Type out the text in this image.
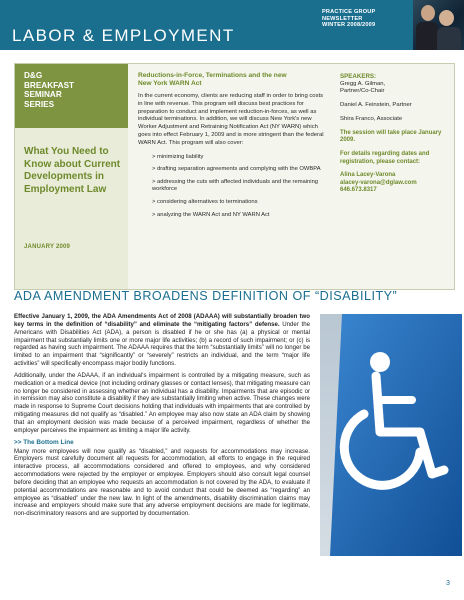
LABOR & EMPLOYMENT
PRACTICE GROUP
NEWSLETTER
WINTER 2008/2009
D&G
BREAKFAST
SEMINAR
SERIES
What You Need to Know about Current Developments in Employment Law
JANUARY 2009
Reductions-in-Force, Terminations and the new
New York WARN Act
In the current economy, clients are reducing staff in order to bring costs in line with revenue. This program will discuss best practices for preparation to conduct and implement reduction-in-forces, as well as individual terminations. In addition, we will discuss New York's new Worker Adjustment and Retraining Notification Act (NY WARN) which goes into effect February 1, 2009 and is more stringent than the federal WARN Act. This program will also cover:
> minimizing liability
> drafting separation agreements and complying with the OWBPA
> addressing the cuts with affected individuals and the remaining workforce
> considering alternatives to terminations
> analyzing the WARN Act and NY WARN Act
SPEAKERS:
Gregg A. Gilman,
Partner/Co-Chair
Daniel A. Feinstein, Partner
Shira Franco, Associate
The session will take place January 2009.
For details regarding dates and registration, please contact:
Alina Lacey-Varona
alacey-varona@dglaw.com
646.673.8317
ADA AMENDMENT BROADENS DEFINITION OF “DISABILITY”

Effective January 1, 2009, the ADA Amendments Act of 2008 (ADAAA) will substantially broaden two key terms in the definition of “disability” and eliminate the “mitigating factors” defense. Under the Americans with Disabilities Act (ADA), a person is disabled if he or she has (a) a physical or mental impairment that substantially limits one or more major life activities; (b) a record of such impairment; or (c) is regarded as having such impairment. The ADAAA requires that the term “substantially limits” will no longer be limited to an impairment that “significantly” or “severely” restricts an individual, and the term “major life activities” will specifically encompass major bodily functions.

Additionally, under the ADAAA, if an individual's impairment is controlled by a mitigating measure, such as medication or a medical device (not including ordinary glasses or contact lenses), that mitigating measure can no longer be considered in assessing whether an individual has a disability. Impairments that are episodic or in remission may also constitute a disability if they are substantially limiting when active. These changes were made in response to Supreme Court decisions holding that individuals with impairments that are controlled by mitigating measures did not qualify as “disabled.” An employee may also now state an ADA claim by showing that an employment decision was made because of a perceived impairment, regardless of whether the employer perceives the impairment as limiting a major life activity.

>> The Bottom Line

Many more employees will now qualify as “disabled,” and requests for accommodations may increase. Employers must carefully document all requests for accommodation, all efforts to engage in the required interactive process, all accommodations considered and offered to employees, and why considered accommodations were rejected by the employer or employee. Employers should also consult legal counsel before deciding that an employee who requests an accommodation is not covered by the ADA, to evaluate if potential accommodations are reasonable and to avoid conduct that could be deemed as “regarding” an employee as “disabled” under the new law. In light of the amendments, disability discrimination claims may increase and employers should make sure that any adverse employment decisions are made for legitimate, non-discriminatory reasons and are supported by documentation.

3
